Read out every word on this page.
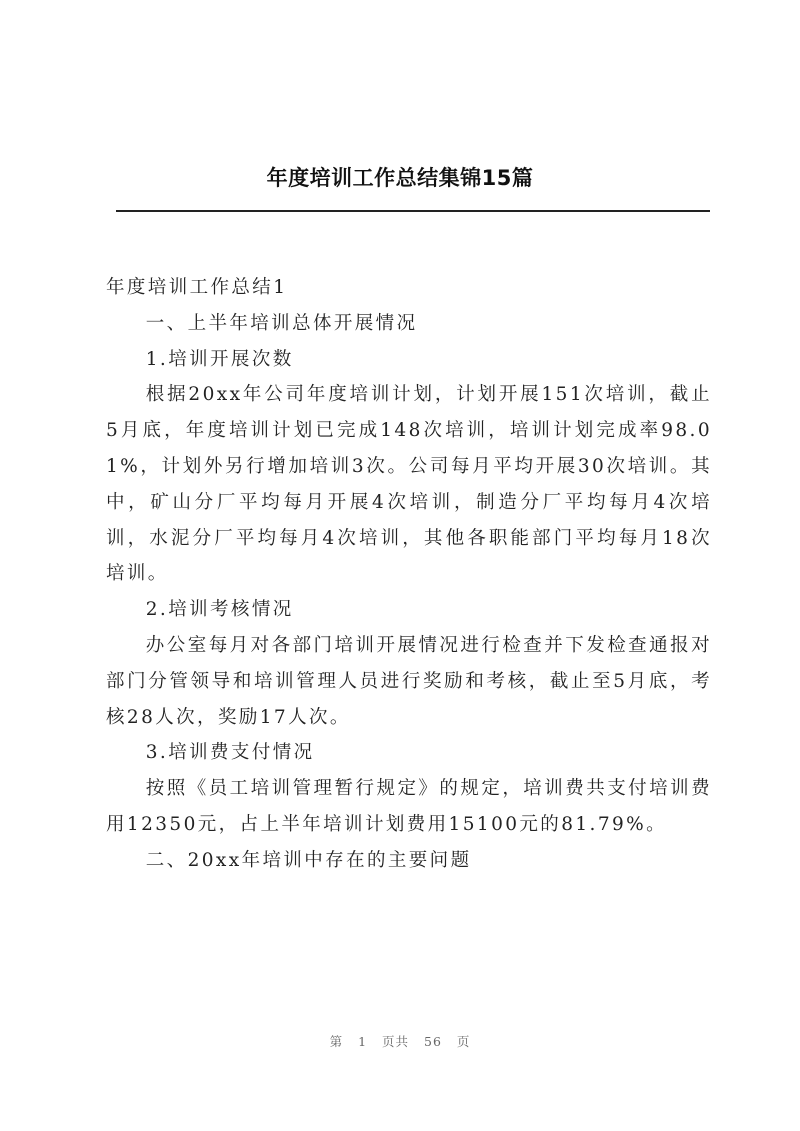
年度培训工作总结集锦15篇

年度培训工作总结1

一、上半年培训总体开展情况

1.培训开展次数

根据20xx年公司年度培训计划，计划开展151次培训，截止5月底，年度培训计划已完成148次培训，培训计划完成率98.01%，计划外另行增加培训3次。公司每月平均开展30次培训。其中，矿山分厂平均每月开展4次培训，制造分厂平均每月4次培训，水泥分厂平均每月4次培训，其他各职能部门平均每月18次培训。

2.培训考核情况

办公室每月对各部门培训开展情况进行检查并下发检查通报对部门分管领导和培训管理人员进行奖励和考核，截止至5月底，考核28人次，奖励17人次。

3.培训费支付情况

按照《员工培训管理暂行规定》的规定，培训费共支付培训费用12350元，占上半年培训计划费用15100元的81.79%。

二、20xx年培训中存在的主要问题

第 1 页共 56 页
